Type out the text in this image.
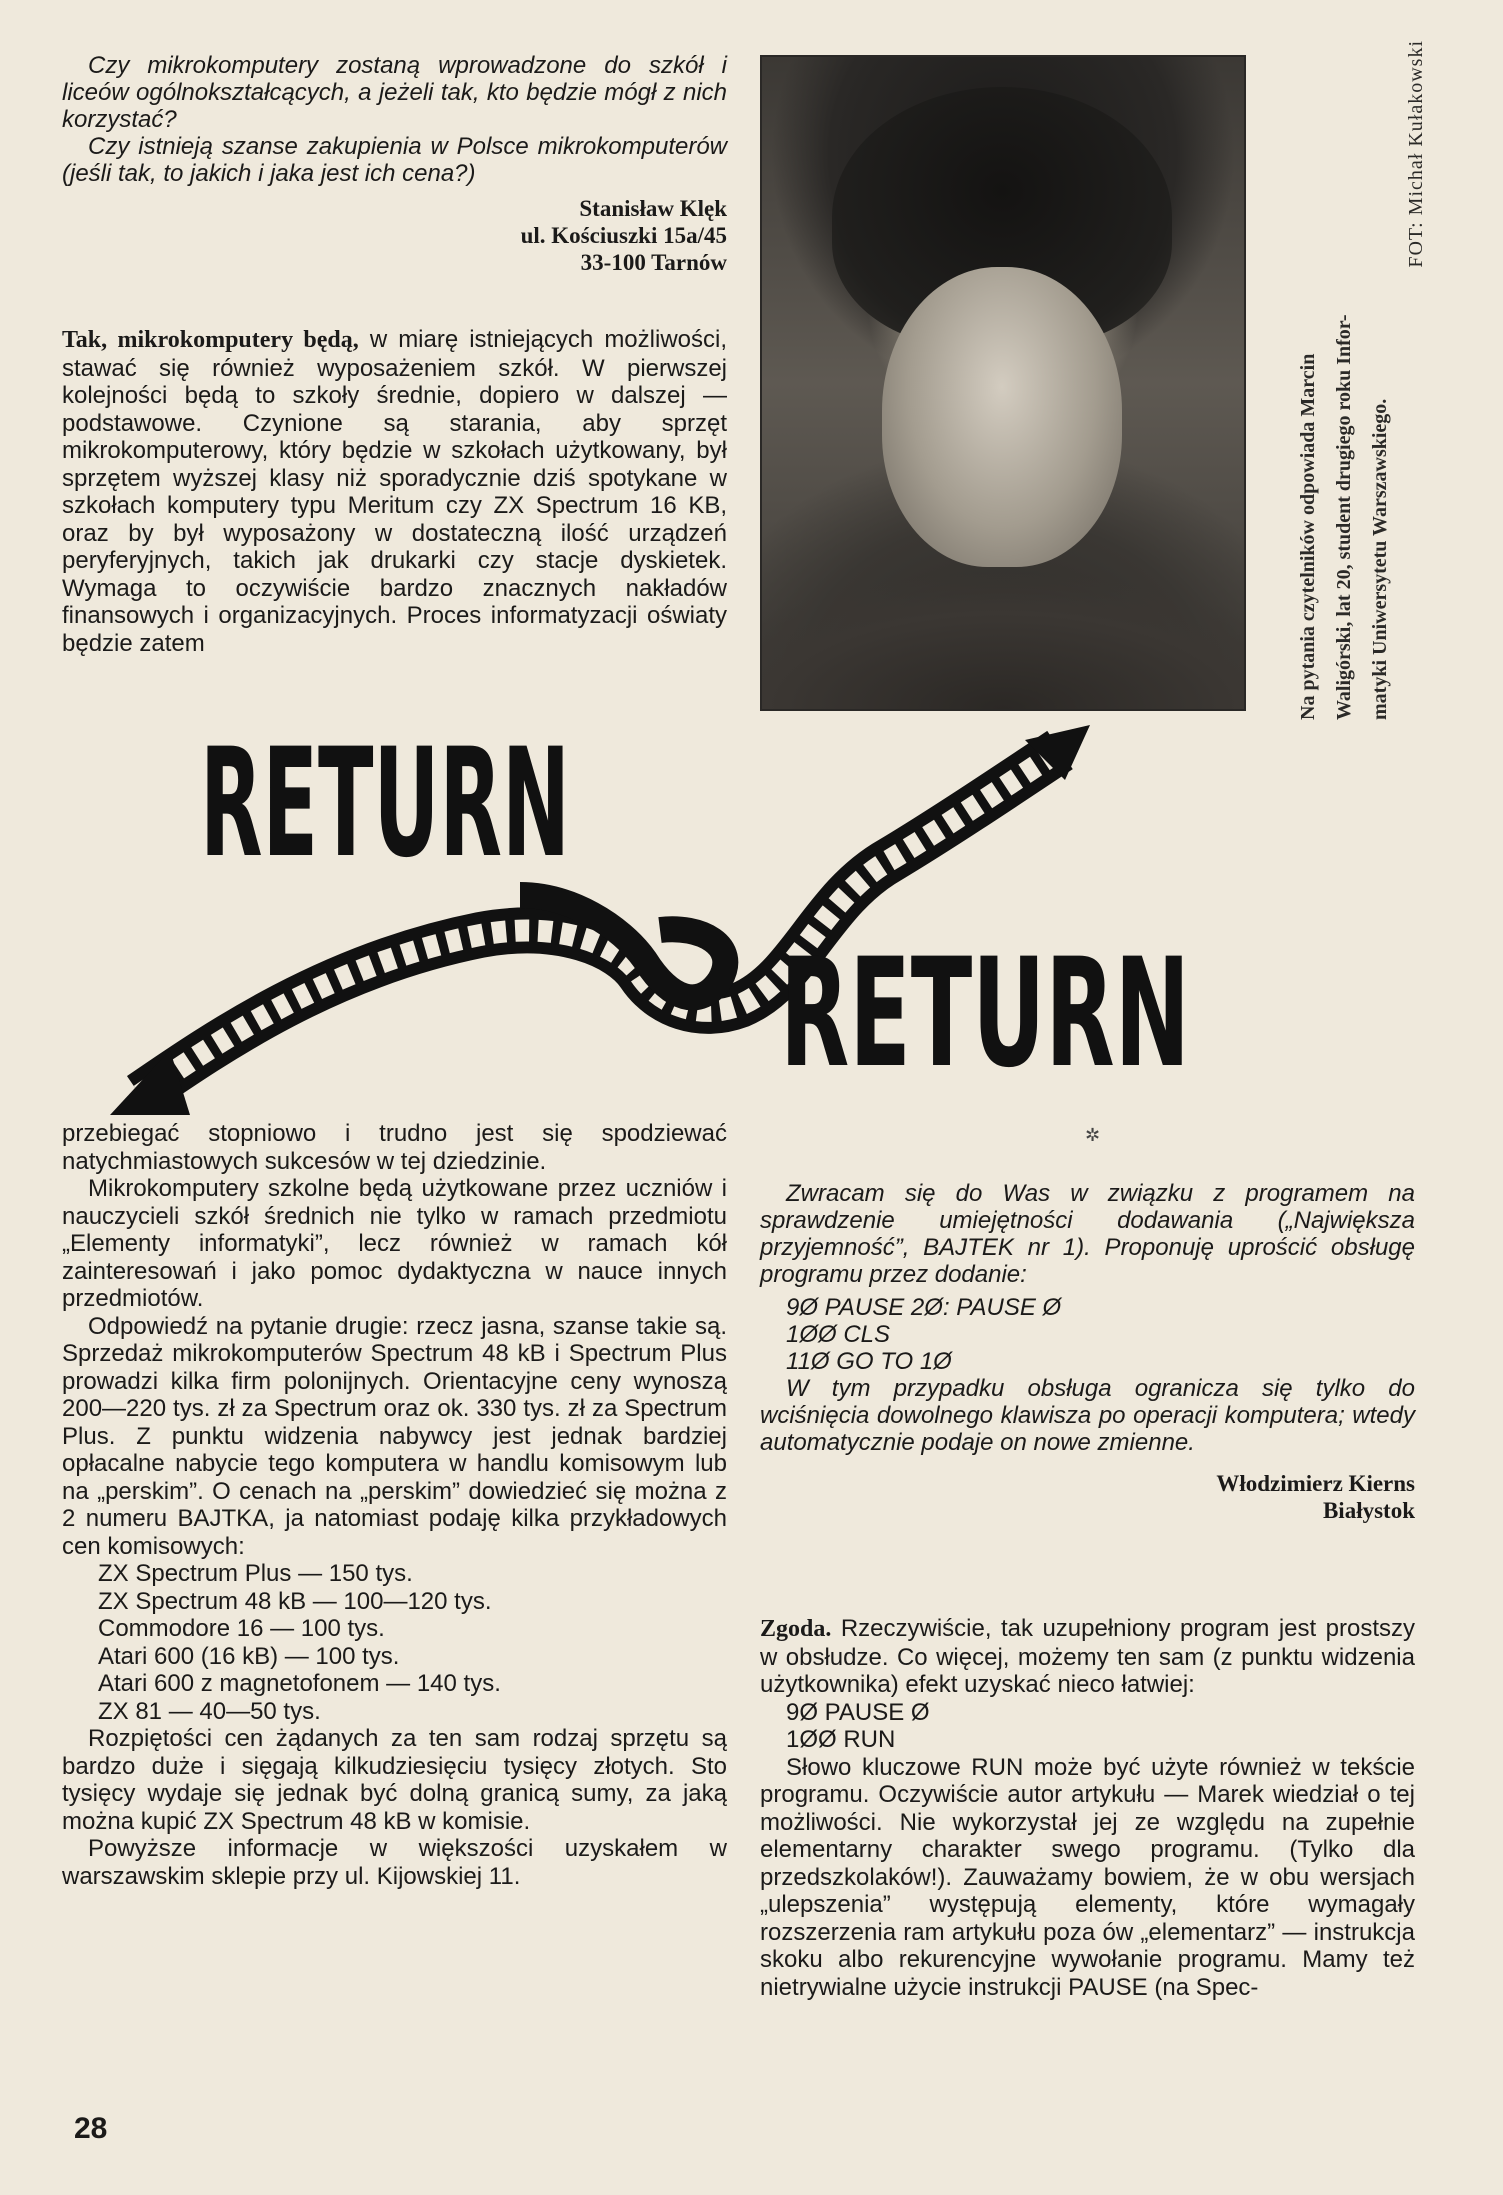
Czy mikrokomputery zostaną wprowadzone do szkół i liceów ogólnokształcących, a jeżeli tak, kto będzie mógł z nich korzystać?

Czy istnieją szanse zakupienia w Polsce mikrokomputerów (jeśli tak, to jakich i jaka jest ich cena?)

Stanisław Klęk
ul. Kościuszki 15a/45
33-100 Tarnów

Tak, mikrokomputery będą, w miarę istniejących możliwości, stawać się również wyposażeniem szkół. W pierwszej kolejności będą to szkoły średnie, dopiero w dalszej — podstawowe. Czynione są starania, aby sprzęt mikrokomputerowy, który będzie w szkołach użytkowany, był sprzętem wyższej klasy niż sporadycznie dziś spotykane w szkołach komputery typu Meritum czy ZX Spectrum 16 KB, oraz by był wyposażony w dostateczną ilość urządzeń peryferyjnych, takich jak drukarki czy stacje dyskietek. Wymaga to oczywiście bardzo znacznych nakładów finansowych i organizacyjnych. Proces informatyzacji oświaty będzie zatem	Na pytania czytelników odpowiada Marcin Waligórski, lat 20, student drugiego roku Infor- matyki Uniwersytetu Warszawskiego.

FOT: Michał Kułakowski

RETURN
RETURN

przebiegać stopniowo i trudno jest się spodziewać natychmiastowych sukcesów w tej dziedzinie.

Mikrokomputery szkolne będą użytkowane przez uczniów i nauczycieli szkół średnich nie tylko w ramach przedmiotu „Elementy informatyki”, lecz również w ramach kół zainteresowań i jako pomoc dydaktyczna w nauce innych przedmiotów.

Odpowiedź na pytanie drugie: rzecz jasna, szanse takie są. Sprzedaż mikrokomputerów Spectrum 48 kB i Spectrum Plus prowadzi kilka firm polonijnych. Orientacyjne ceny wynoszą 200—220 tys. zł za Spectrum oraz ok. 330 tys. zł za Spectrum Plus. Z punktu widzenia nabywcy jest jednak bardziej opłacalne nabycie tego komputera w handlu komisowym lub na „perskim”. O cenach na „perskim” dowiedzieć się można z 2 numeru BAJTKA, ja natomiast podaję kilka przykładowych cen komisowych:

ZX Spectrum Plus — 150 tys.
ZX Spectrum 48 kB — 100—120 tys.
Commodore 16 — 100 tys.
Atari 600 (16 kB) — 100 tys.
Atari 600 z magnetofonem — 140 tys.
ZX 81 — 40—50 tys.

Rozpiętości cen żądanych za ten sam rodzaj sprzętu są bardzo duże i sięgają kilkudziesięciu tysięcy złotych. Sto tysięcy wydaje się jednak być dolną granicą sumy, za jaką można kupić ZX Spectrum 48 kB w komisie.

Powyższe informacje w większości uzyskałem w warszawskim sklepie przy ul. Kijowskiej 11.

✲

Zwracam się do Was w związku z programem na sprawdzenie umiejętności dodawania („Największa przyjemność”, BAJTEK nr 1). Proponuję uprościć obsługę programu przez dodanie:

9Ø PAUSE 2Ø: PAUSE Ø
1ØØ CLS
11Ø GO TO 1Ø

W tym przypadku obsługa ogranicza się tylko do wciśnięcia dowolnego klawisza po operacji komputera; wtedy automatycznie podaje on nowe zmienne.

Włodzimierz Kierns
Białystok

Zgoda. Rzeczywiście, tak uzupełniony program jest prostszy w obsłudze. Co więcej, możemy ten sam (z punktu widzenia użytkownika) efekt uzyskać nieco łatwiej:

9Ø PAUSE Ø
1ØØ RUN

Słowo kluczowe RUN może być użyte również w tekście programu. Oczywiście autor artykułu — Marek wiedział o tej możliwości. Nie wykorzystał jej ze względu na zupełnie elementarny charakter swego programu. (Tylko dla przedszkolaków!). Zauważamy bowiem, że w obu wersjach „ulepszenia” występują elementy, które wymagały rozszerzenia ram artykułu poza ów „elementarz” — instrukcja skoku albo rekurencyjne wywołanie programu. Mamy też nietrywialne użycie instrukcji PAUSE (na Spec-

28
